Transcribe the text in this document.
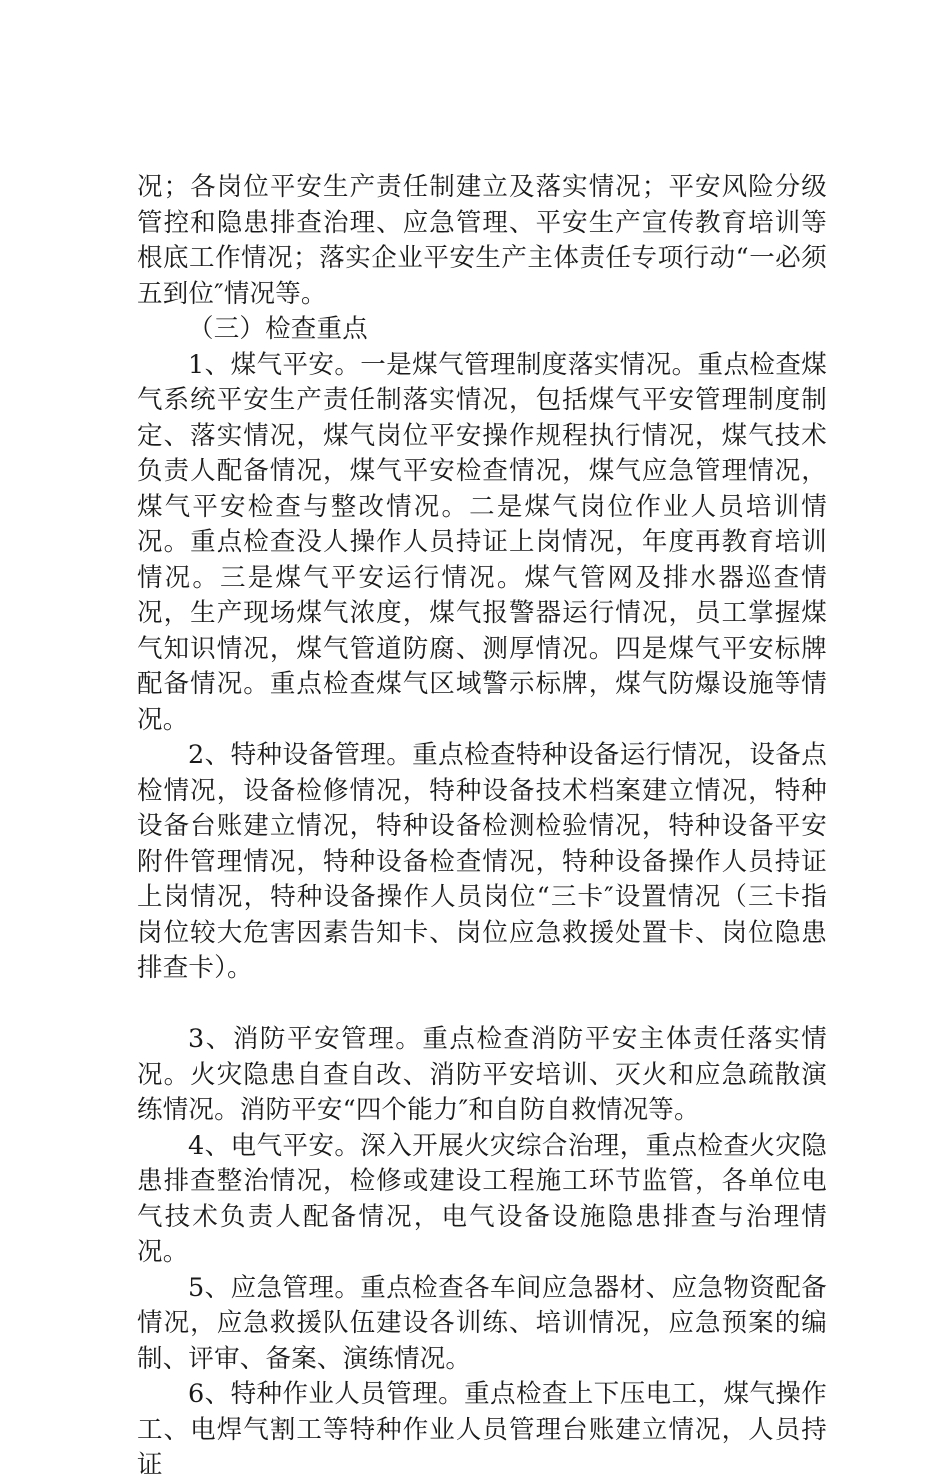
况；各岗位平安生产责任制建立及落实情况；平安风险分级管控和隐患排查治理、应急管理、平安生产宣传教育培训等根底工作情况；落实企业平安生产主体责任专项行动“一必须五到位″情况等。

（三）检查重点

1、煤气平安。一是煤气管理制度落实情况。重点检查煤气系统平安生产责任制落实情况，包括煤气平安管理制度制定、落实情况，煤气岗位平安操作规程执行情况，煤气技术负责人配备情况，煤气平安检查情况，煤气应急管理情况，煤气平安检查与整改情况。二是煤气岗位作业人员培训情况。重点检查没人操作人员持证上岗情况，年度再教育培训情况。三是煤气平安运行情况。煤气管网及排水器巡查情况，生产现场煤气浓度，煤气报警器运行情况，员工掌握煤气知识情况，煤气管道防腐、测厚情况。四是煤气平安标牌配备情况。重点检查煤气区域警示标牌，煤气防爆设施等情况。

2、特种设备管理。重点检查特种设备运行情况，设备点检情况，设备检修情况，特种设备技术档案建立情况，特种设备台账建立情况，特种设备检测检验情况，特种设备平安附件管理情况，特种设备检查情况，特种设备操作人员持证上岗情况，特种设备操作人员岗位“三卡″设置情况（三卡指岗位较大危害因素告知卡、岗位应急救援处置卡、岗位隐患排查卡）。

3、消防平安管理。重点检查消防平安主体责任落实情况。火灾隐患自查自改、消防平安培训、灭火和应急疏散演练情况。消防平安“四个能力″和自防自救情况等。

4、电气平安。深入开展火灾综合治理，重点检查火灾隐患排查整治情况，检修或建设工程施工环节监管，各单位电气技术负责人配备情况，电气设备设施隐患排查与治理情况。

5、应急管理。重点检查各车间应急器材、应急物资配备情况，应急救援队伍建设各训练、培训情况，应急预案的编制、评审、备案、演练情况。

6、特种作业人员管理。重点检查上下压电工，煤气操作工、电焊气割工等特种作业人员管理台账建立情况，人员持证
